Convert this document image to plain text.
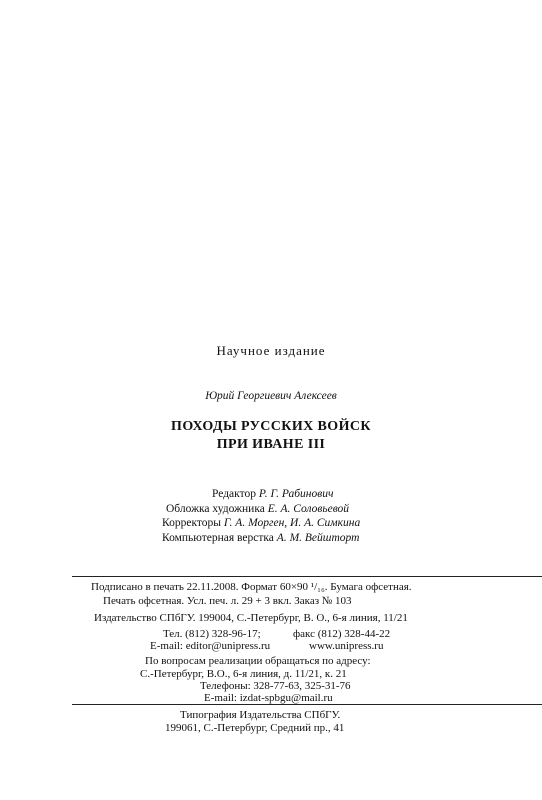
Научное издание
Юрий Георгиевич Алексеев
ПОХОДЫ РУССКИХ ВОЙСК
ПРИ ИВАНЕ III
Редактор Р. Г. Рабинович
Обложка художника Е. А. Соловьевой
Корректоры Г. А. Морген, И. А. Симкина
Компьютерная верстка А. М. Вейшторт
Подписано в печать 22.11.2008. Формат 60×90 ¹/₁₆. Бумага офсетная.
Печать офсетная. Усл. печ. л. 29 + 3 вкл. Заказ № 103
Издательство СПбГУ. 199004, С.-Петербург, В. О., 6-я линия, 11/21
Тел. (812) 328-96-17;	факс (812) 328-44-22
E-mail: editor@unipress.ru	www.unipress.ru
По вопросам реализации обращаться по адресу:
С.-Петербург, В.О., 6-я линия, д. 11/21, к. 21
Телефоны: 328-77-63, 325-31-76
E-mail: izdat-spbgu@mail.ru
Типография Издательства СПбГУ.
199061, С.-Петербург, Средний пр., 41
